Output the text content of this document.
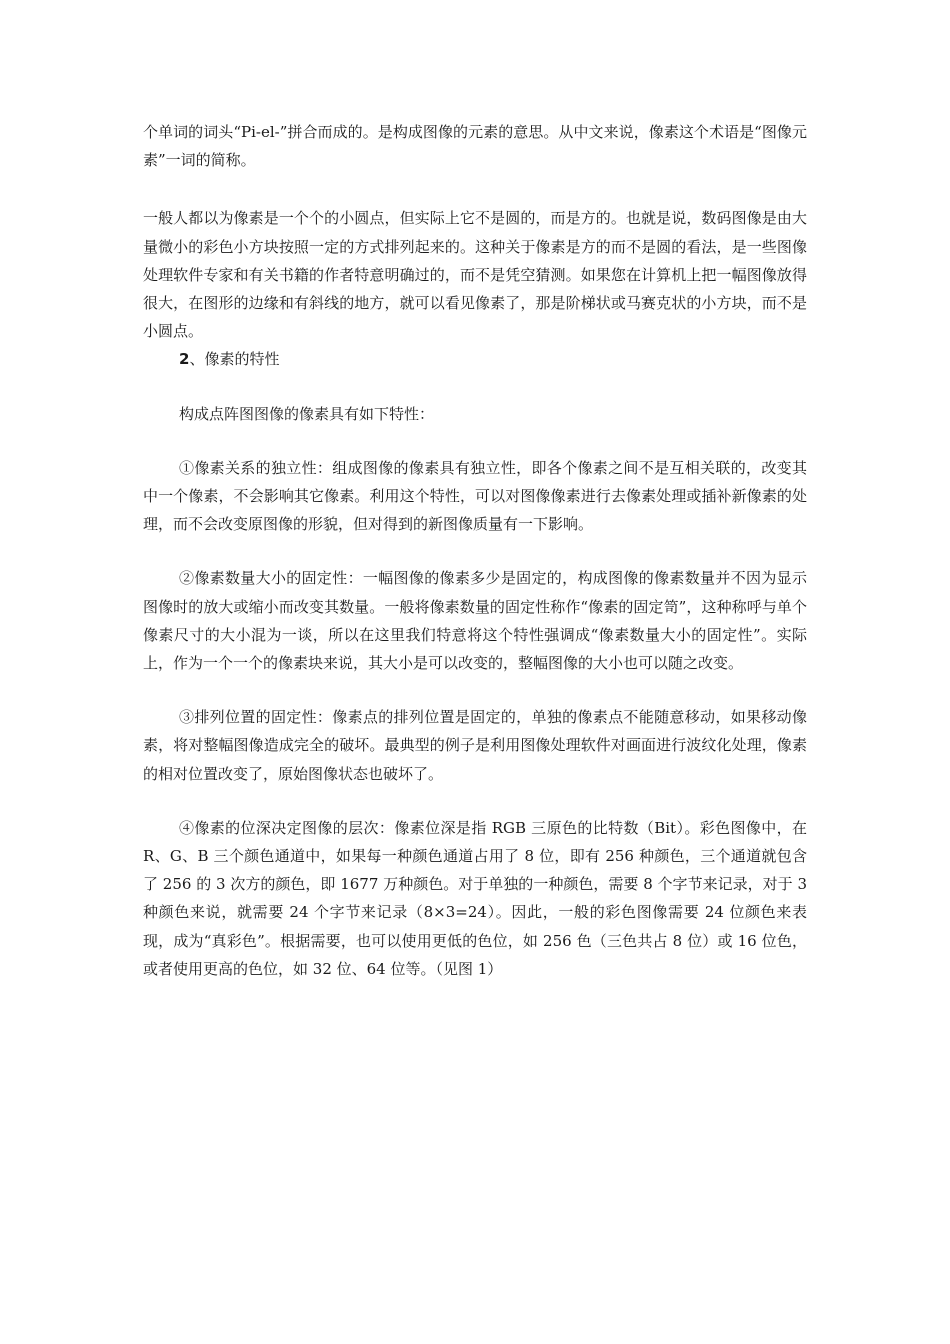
个单词的词头“Pi-el-”拼合而成的。是构成图像的元素的意思。从中文来说，像素这个术语是“图像元素”一词的简称。

一般人都以为像素是一个个的小圆点，但实际上它不是圆的，而是方的。也就是说，数码图像是由大量微小的彩色小方块按照一定的方式排列起来的。这种关于像素是方的而不是圆的看法，是一些图像处理软件专家和有关书籍的作者特意明确过的，而不是凭空猜测。如果您在计算机上把一幅图像放得很大，在图形的边缘和有斜线的地方，就可以看见像素了，那是阶梯状或马赛克状的小方块，而不是小圆点。

2、像素的特性

构成点阵图图像的像素具有如下特性：

①像素关系的独立性：组成图像的像素具有独立性，即各个像素之间不是互相关联的，改变其中一个像素，不会影响其它像素。利用这个特性，可以对图像像素进行去像素处理或插补新像素的处理，而不会改变原图像的形貌，但对得到的新图像质量有一下影响。

②像素数量大小的固定性：一幅图像的像素多少是固定的，构成图像的像素数量并不因为显示图像时的放大或缩小而改变其数量。一般将像素数量的固定性称作“像素的固定笥”，这种称呼与单个像素尺寸的大小混为一谈，所以在这里我们特意将这个特性强调成“像素数量大小的固定性”。实际上，作为一个一个的像素块来说，其大小是可以改变的，整幅图像的大小也可以随之改变。

③排列位置的固定性：像素点的排列位置是固定的，单独的像素点不能随意移动，如果移动像素，将对整幅图像造成完全的破坏。最典型的例子是利用图像处理软件对画面进行波纹化处理，像素的相对位置改变了，原始图像状态也破坏了。

④像素的位深决定图像的层次：像素位深是指 RGB 三原色的比特数（Bit）。彩色图像中，在 R、G、B 三个颜色通道中，如果每一种颜色通道占用了 8 位，即有 256 种颜色，三个通道就包含了 256 的 3 次方的颜色，即 1677 万种颜色。对于单独的一种颜色，需要 8 个字节来记录，对于 3 种颜色来说，就需要 24 个字节来记录（8×3=24）。因此，一般的彩色图像需要 24 位颜色来表现，成为“真彩色”。根据需要，也可以使用更低的色位，如 256 色（三色共占 8 位）或 16 位色，或者使用更高的色位，如 32 位、64 位等。（见图 1）
